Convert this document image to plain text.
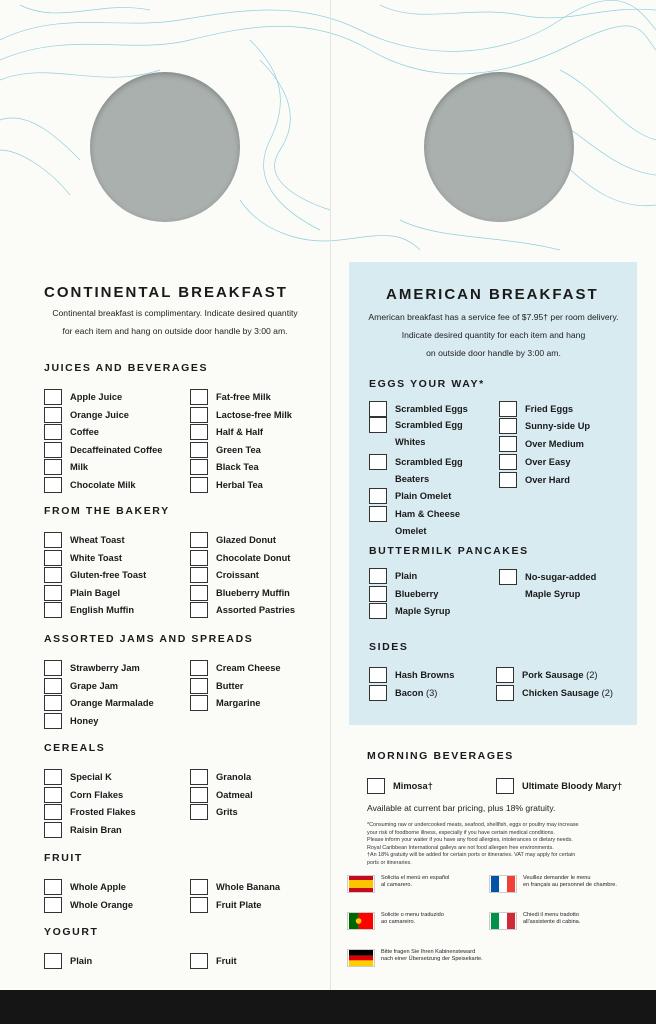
CONTINENTAL BREAKFAST
Continental breakfast is complimentary. Indicate desired quantity
for each item and hang on outside door handle by 3:00 am.
JUICES AND BEVERAGES
Apple Juice
Orange Juice
Coffee
Decaffeinated Coffee
Milk
Chocolate Milk
Fat-free Milk
Lactose-free Milk
Half & Half
Green Tea
Black Tea
Herbal Tea
FROM THE BAKERY
Wheat Toast
White Toast
Gluten-free Toast
Plain Bagel
English Muffin
Glazed Donut
Chocolate Donut
Croissant
Blueberry Muffin
Assorted Pastries
ASSORTED JAMS AND SPREADS
Strawberry Jam
Grape Jam
Orange Marmalade
Honey
Cream Cheese
Butter
Margarine
CEREALS
Special K
Corn Flakes
Frosted Flakes
Raisin Bran
Granola
Oatmeal
Grits
FRUIT
Whole Apple
Whole Orange
Whole Banana
Fruit Plate
YOGURT
Plain	Fruit
AMERICAN BREAKFAST
American breakfast has a service fee of $7.95† per room delivery.
Indicate desired quantity for each item and hang
on outside door handle by 3:00 am.
EGGS YOUR WAY*
Scrambled Eggs
Scrambled Egg Whites
Scrambled Egg Beaters
Plain Omelet
Ham & Cheese Omelet
Fried Eggs
Sunny-side Up
Over Medium
Over Easy
Over Hard
BUTTERMILK PANCAKES
Plain
Blueberry
Maple Syrup
No-sugar-added Maple Syrup
SIDES
Hash Browns
Bacon (3)
Pork Sausage (2)
Chicken Sausage (2)
MORNING BEVERAGES
Mimosa†	Ultimate Bloody Mary†
Available at current bar pricing, plus 18% gratuity.
*Consuming raw or undercooked meats, seafood, shellfish, eggs or poultry may increase
your risk of foodborne illness, especially if you have certain medical conditions.
Please inform your waiter if you have any food allergies, intolerances or dietary needs.
Royal Caribbean International galleys are not food allergen free environments.
†An 18% gratuity will be added for certain ports or itineraries. VAT may apply for certain
ports or itineraries.
Solicita el menú en español
al camarero.
Veuillez demander le menu
en français au personnel de chambre.
Solicite o menu traduzido
ao camareiro.
Chiedi il menu tradotto
all'assistente di cabina.
Bitte fragen Sie Ihren Kabinensteward
nach einer Übersetzung der Speisekarte.
